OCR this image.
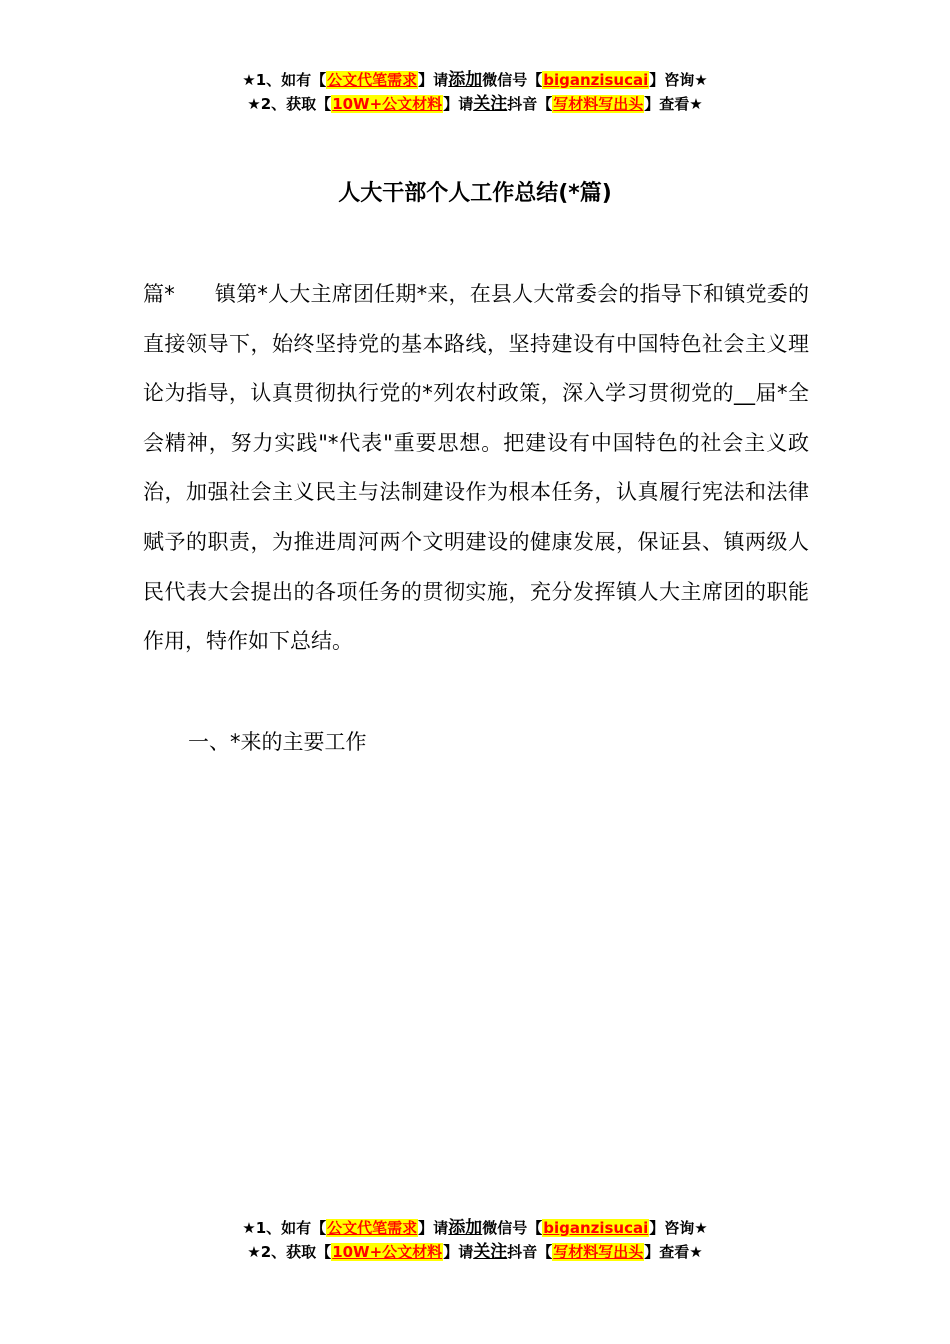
★1、如有【公文代笔需求】请添加微信号【biganzisucai】咨询★
★2、获取【10W+公文材料】请关注抖音【写材料写出头】查看★
人大干部个人工作总结(*篇)

篇* 镇第*人大主席团任期*来，在县人大常委会的指导下和镇党委的直接领导下，始终坚持党的基本路线，坚持建设有中国特色社会主义理论为指导，认真贯彻执行党的*列农村政策，深入学习贯彻党的__届*全会精神，努力实践"*代表"重要思想。把建设有中国特色的社会主义政治，加强社会主义民主与法制建设作为根本任务，认真履行宪法和法律赋予的职责，为推进周河两个文明建设的健康发展，保证县、镇两级人民代表大会提出的各项任务的贯彻实施，充分发挥镇人大主席团的职能作用，特作如下总结。

一、*来的主要工作
★1、如有【公文代笔需求】请添加微信号【biganzisucai】咨询★
★2、获取【10W+公文材料】请关注抖音【写材料写出头】查看★
